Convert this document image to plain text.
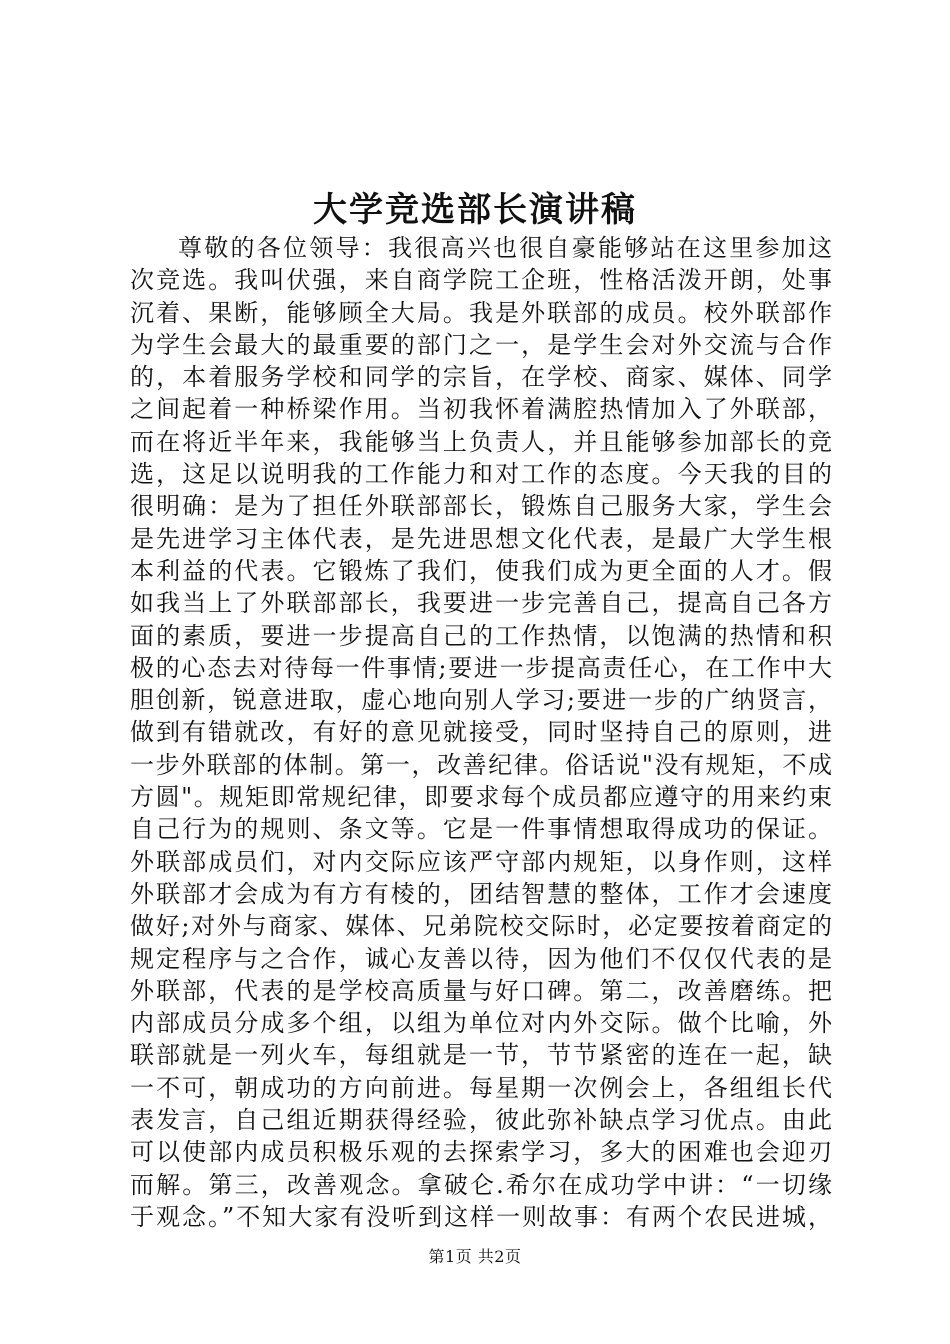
大学竞选部长演讲稿
尊敬的各位领导：我很高兴也很自豪能够站在这里参加这
次竞选。我叫伏强，来自商学院工企班，性格活泼开朗，处事
沉着、果断，能够顾全大局。我是外联部的成员。校外联部作
为学生会最大的最重要的部门之一，是学生会对外交流与合作
的，本着服务学校和同学的宗旨，在学校、商家、媒体、同学
之间起着一种桥梁作用。当初我怀着满腔热情加入了外联部，
而在将近半年来，我能够当上负责人，并且能够参加部长的竞
选，这足以说明我的工作能力和对工作的态度。今天我的目的
很明确：是为了担任外联部部长，锻炼自己服务大家，学生会
是先进学习主体代表，是先进思想文化代表，是最广大学生根
本利益的代表。它锻炼了我们，使我们成为更全面的人才。假
如我当上了外联部部长，我要进一步完善自己，提高自己各方
面的素质，要进一步提高自己的工作热情，以饱满的热情和积
极的心态去对待每一件事情;要进一步提高责任心，在工作中大
胆创新，锐意进取，虚心地向别人学习;要进一步的广纳贤言，
做到有错就改，有好的意见就接受，同时坚持自己的原则，进
一步外联部的体制。第一，改善纪律。俗话说"没有规矩，不成
方圆"。规矩即常规纪律，即要求每个成员都应遵守的用来约束
自己行为的规则、条文等。它是一件事情想取得成功的保证。
外联部成员们，对内交际应该严守部内规矩，以身作则，这样
外联部才会成为有方有棱的，团结智慧的整体，工作才会速度
做好;对外与商家、媒体、兄弟院校交际时，必定要按着商定的
规定程序与之合作，诚心友善以待，因为他们不仅仅代表的是
外联部，代表的是学校高质量与好口碑。第二，改善磨练。把
内部成员分成多个组，以组为单位对内外交际。做个比喻，外
联部就是一列火车，每组就是一节，节节紧密的连在一起，缺
一不可，朝成功的方向前进。每星期一次例会上，各组组长代
表发言，自己组近期获得经验，彼此弥补缺点学习优点。由此
可以使部内成员积极乐观的去探索学习，多大的困难也会迎刃
而解。第三，改善观念。拿破仑.希尔在成功学中讲：“一切缘
于观念。”不知大家有没听到这样一则故事：有两个农民进城，
第1页 共2页
